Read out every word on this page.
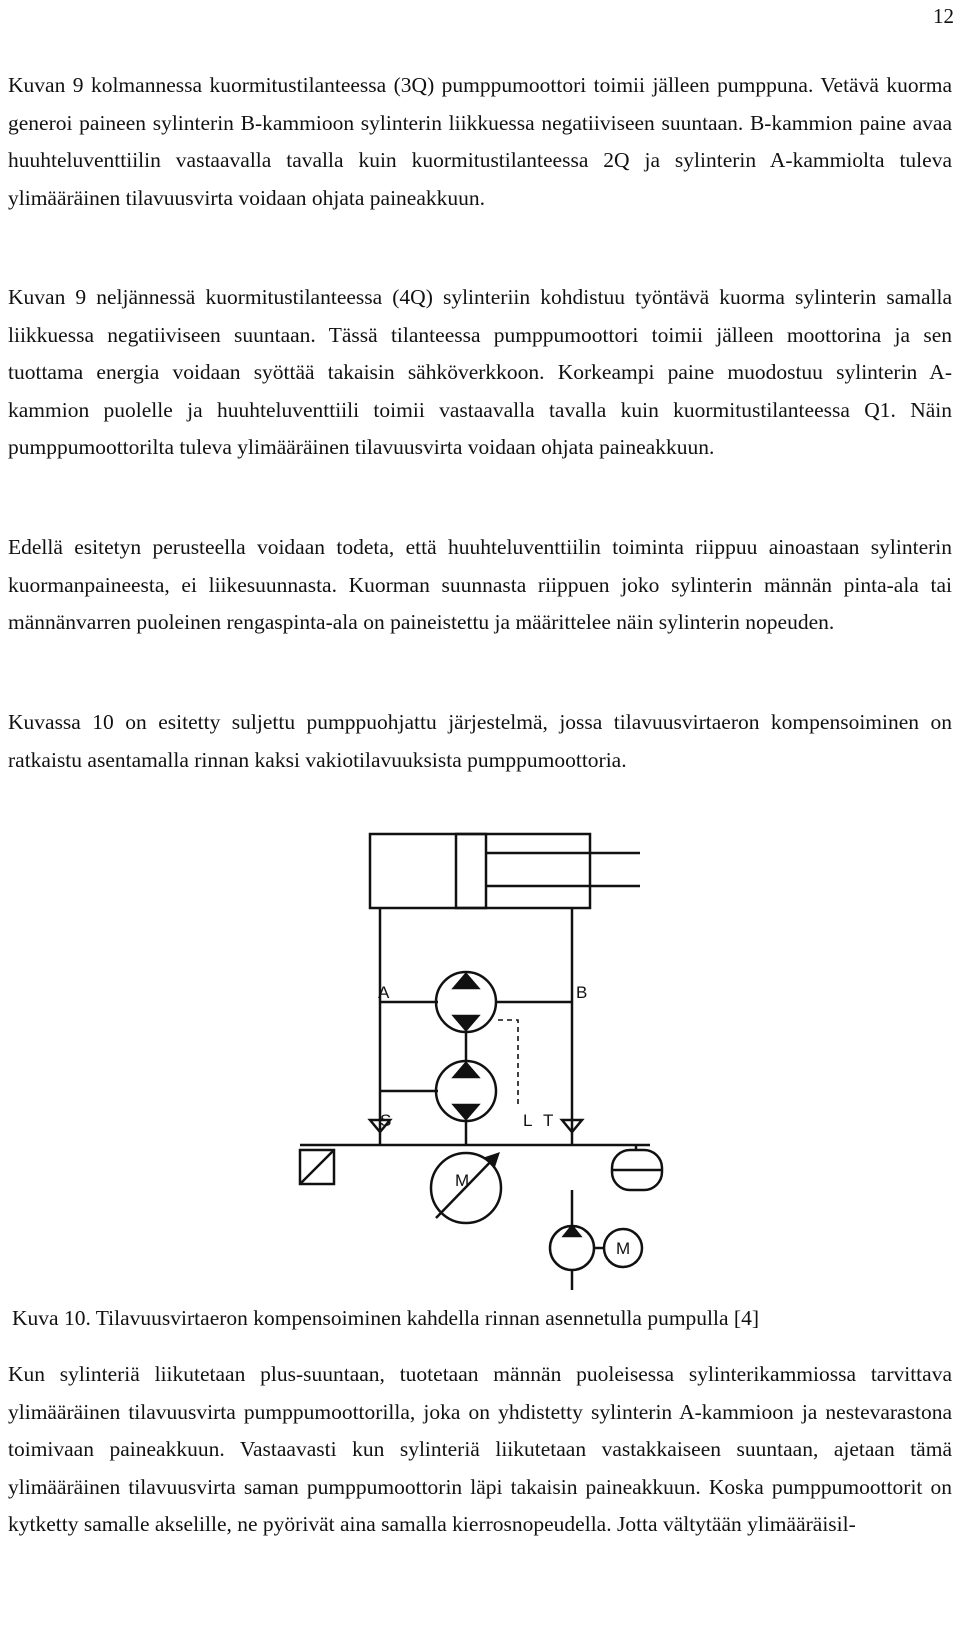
12

Kuvan 9 kolmannessa kuormitustilanteessa (3Q) pumppumoottori toimii jälleen pumppuna. Vetävä kuorma generoi paineen sylinterin B-kammioon sylinterin liikkuessa negatiiviseen suuntaan. B-kammion paine avaa huuhteluventtiilin vastaavalla tavalla kuin kuormitustilanteessa 2Q ja sylinterin A-kammiolta tuleva ylimääräinen tilavuusvirta voidaan ohjata paineakkuun.

Kuvan 9 neljännessä kuormitustilanteessa (4Q) sylinteriin kohdistuu työntävä kuorma sylinterin samalla liikkuessa negatiiviseen suuntaan. Tässä tilanteessa pumppumoottori toimii jälleen moottorina ja sen tuottama energia voidaan syöttää takaisin sähköverkkoon. Korkeampi paine muodostuu sylinterin A-kammion puolelle ja huuhteluventtiili toimii vastaavalla tavalla kuin kuormitustilanteessa Q1. Näin pumppumoottorilta tuleva ylimääräinen tilavuusvirta voidaan ohjata paineakkuun.

Edellä esitetyn perusteella voidaan todeta, että huuhteluventtiilin toiminta riippuu ainoastaan sylinterin kuormanpaineesta, ei liikesuunnasta. Kuorman suunnasta riippuen joko sylinterin männän pinta-ala tai männänvarren puoleinen rengaspinta-ala on paineistettu ja määrittelee näin sylinterin nopeuden.

Kuvassa 10 on esitetty suljettu pumppuohjattu järjestelmä, jossa tilavuusvirtaeron kompensoiminen on ratkaistu asentamalla rinnan kaksi vakiotilavuuksista pumppumoottoria.

A	B
S	L T
M
M

Kuva 10. Tilavuusvirtaeron kompensoiminen kahdella rinnan asennetulla pumpulla [4]

Kun sylinteriä liikutetaan plus-suuntaan, tuotetaan männän puoleisessa sylinterikammiossa tarvittava ylimääräinen tilavuusvirta pumppumoottorilla, joka on yhdistetty sylinterin A-kammioon ja nestevarastona toimivaan paineakkuun. Vastaavasti kun sylinteriä liikutetaan vastakkaiseen suuntaan, ajetaan tämä ylimääräinen tilavuusvirta saman pumppumoottorin läpi takaisin paineakkuun. Koska pumppumoottorit on kytketty samalle akselille, ne pyörivät aina samalla kierrosnopeudella. Jotta vältytään ylimääräisil-
